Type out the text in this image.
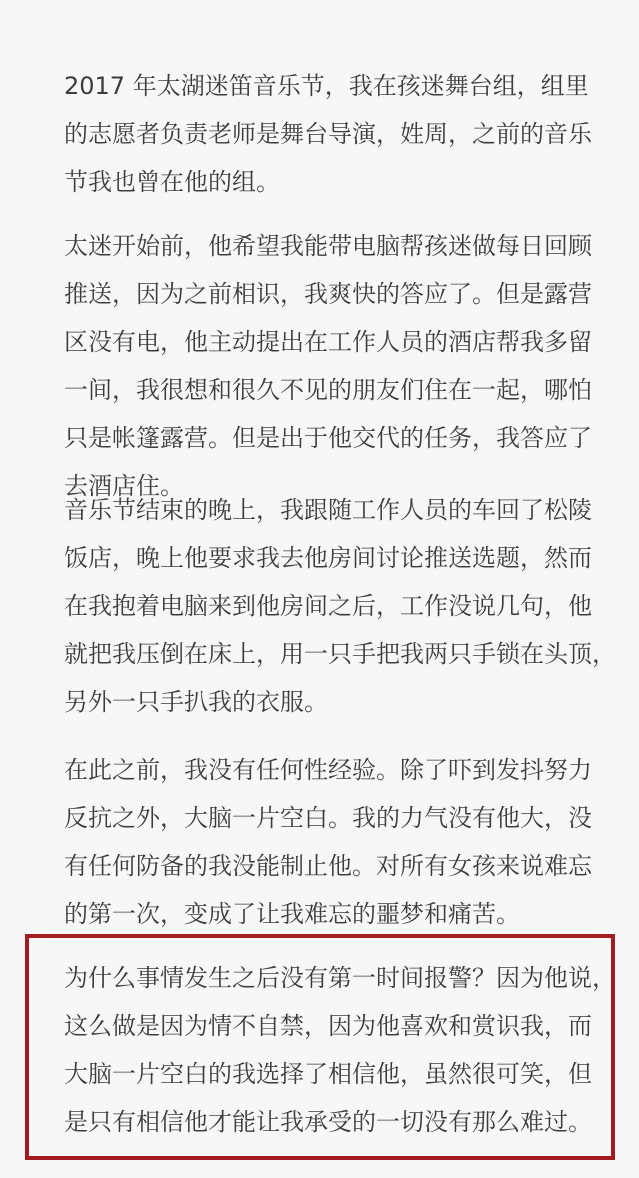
2017 年太湖迷笛音乐节，我在孩迷舞台组，组里
的志愿者负责老师是舞台导演，姓周，之前的音乐
节我也曾在他的组。
太迷开始前，他希望我能带电脑帮孩迷做每日回顾
推送，因为之前相识，我爽快的答应了。但是露营
区没有电，他主动提出在工作人员的酒店帮我多留
一间，我很想和很久不见的朋友们住在一起，哪怕
只是帐篷露营。但是出于他交代的任务，我答应了
去酒店住。
音乐节结束的晚上，我跟随工作人员的车回了松陵
饭店，晚上他要求我去他房间讨论推送选题，然而
在我抱着电脑来到他房间之后，工作没说几句，他
就把我压倒在床上，用一只手把我两只手锁在头顶，
另外一只手扒我的衣服。
在此之前，我没有任何性经验。除了吓到发抖努力
反抗之外，大脑一片空白。我的力气没有他大，没
有任何防备的我没能制止他。对所有女孩来说难忘
的第一次，变成了让我难忘的噩梦和痛苦。
为什么事情发生之后没有第一时间报警？因为他说，
这么做是因为情不自禁，因为他喜欢和赏识我，而
大脑一片空白的我选择了相信他，虽然很可笑，但
是只有相信他才能让我承受的一切没有那么难过。
